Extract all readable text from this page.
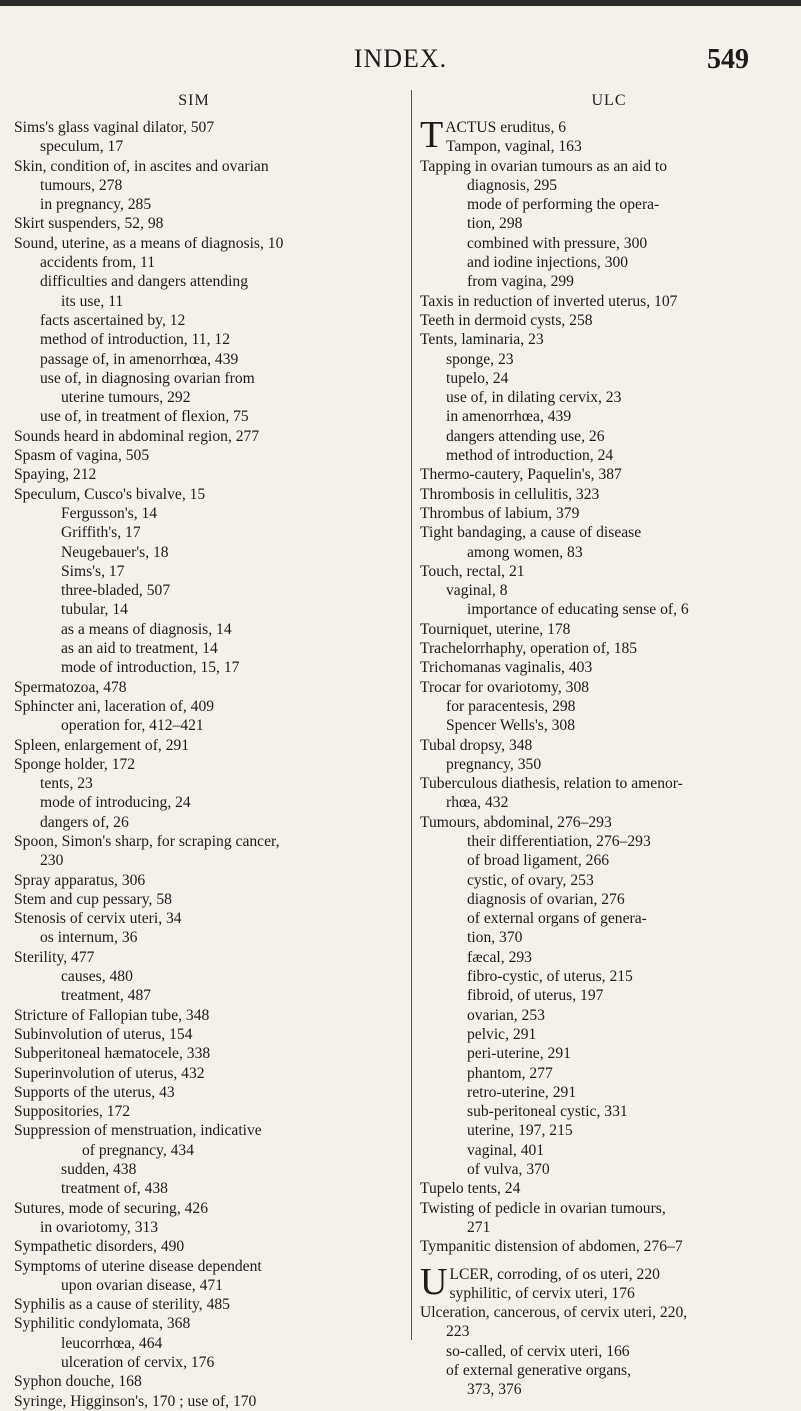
INDEX.	549
SIM
Sims's glass vaginal dilator, 507
speculum, 17
Skin, condition of, in ascites and ovarian
tumours, 278
in pregnancy, 285
Skirt suspenders, 52, 98
Sound, uterine, as a means of diagnosis, 10
accidents from, 11
difficulties and dangers attending
its use, 11
facts ascertained by, 12
method of introduction, 11, 12
passage of, in amenorrhœa, 439
use of, in diagnosing ovarian from
uterine tumours, 292
use of, in treatment of flexion, 75
Sounds heard in abdominal region, 277
Spasm of vagina, 505
Spaying, 212
Speculum, Cusco's bivalve, 15
Fergusson's, 14
Griffith's, 17
Neugebauer's, 18
Sims's, 17
three-bladed, 507
tubular, 14
as a means of diagnosis, 14
as an aid to treatment, 14
mode of introduction, 15, 17
Spermatozoa, 478
Sphincter ani, laceration of, 409
operation for, 412–421
Spleen, enlargement of, 291
Sponge holder, 172
tents, 23
mode of introducing, 24
dangers of, 26
Spoon, Simon's sharp, for scraping cancer,
230
Spray apparatus, 306
Stem and cup pessary, 58
Stenosis of cervix uteri, 34
os internum, 36
Sterility, 477
causes, 480
treatment, 487
Stricture of Fallopian tube, 348
Subinvolution of uterus, 154
Subperitoneal hæmatocele, 338
Superinvolution of uterus, 432
Supports of the uterus, 43
Suppositories, 172
Suppression of menstruation, indicative
of pregnancy, 434
sudden, 438
treatment of, 438
Sutures, mode of securing, 426
in ovariotomy, 313
Sympathetic disorders, 490
Symptoms of uterine disease dependent
upon ovarian disease, 471
Syphilis as a cause of sterility, 485
Syphilitic condylomata, 368
leucorrhœa, 464
ulceration of cervix, 176
Syphon douche, 168
Syringe, Higginson's, 170 ; use of, 170
ULC
TACTUS eruditus, 6
Tampon, vaginal, 163
Tapping in ovarian tumours as an aid to
diagnosis, 295
mode of performing the opera-
tion, 298
combined with pressure, 300
and iodine injections, 300
from vagina, 299
Taxis in reduction of inverted uterus, 107
Teeth in dermoid cysts, 258
Tents, laminaria, 23
sponge, 23
tupelo, 24
use of, in dilating cervix, 23
in amenorrhœa, 439
dangers attending use, 26
method of introduction, 24
Thermo-cautery, Paquelin's, 387
Thrombosis in cellulitis, 323
Thrombus of labium, 379
Tight bandaging, a cause of disease
among women, 83
Touch, rectal, 21
vaginal, 8
importance of educating sense of, 6
Tourniquet, uterine, 178
Trachelorrhaphy, operation of, 185
Trichomanas vaginalis, 403
Trocar for ovariotomy, 308
for paracentesis, 298
Spencer Wells's, 308
Tubal dropsy, 348
pregnancy, 350
Tuberculous diathesis, relation to amenor-
rhœa, 432
Tumours, abdominal, 276–293
their differentiation, 276–293
of broad ligament, 266
cystic, of ovary, 253
diagnosis of ovarian, 276
of external organs of genera-
tion, 370
fæcal, 293
fibro-cystic, of uterus, 215
fibroid, of uterus, 197
ovarian, 253
pelvic, 291
peri-uterine, 291
phantom, 277
retro-uterine, 291
sub-peritoneal cystic, 331
uterine, 197, 215
vaginal, 401
of vulva, 370
Tupelo tents, 24
Twisting of pedicle in ovarian tumours,
271
Tympanitic distension of abdomen, 276–7
ULCER, corroding, of os uteri, 220
syphilitic, of cervix uteri, 176
Ulceration, cancerous, of cervix uteri, 220,
223
so-called, of cervix uteri, 166
of external generative organs,
373, 376
